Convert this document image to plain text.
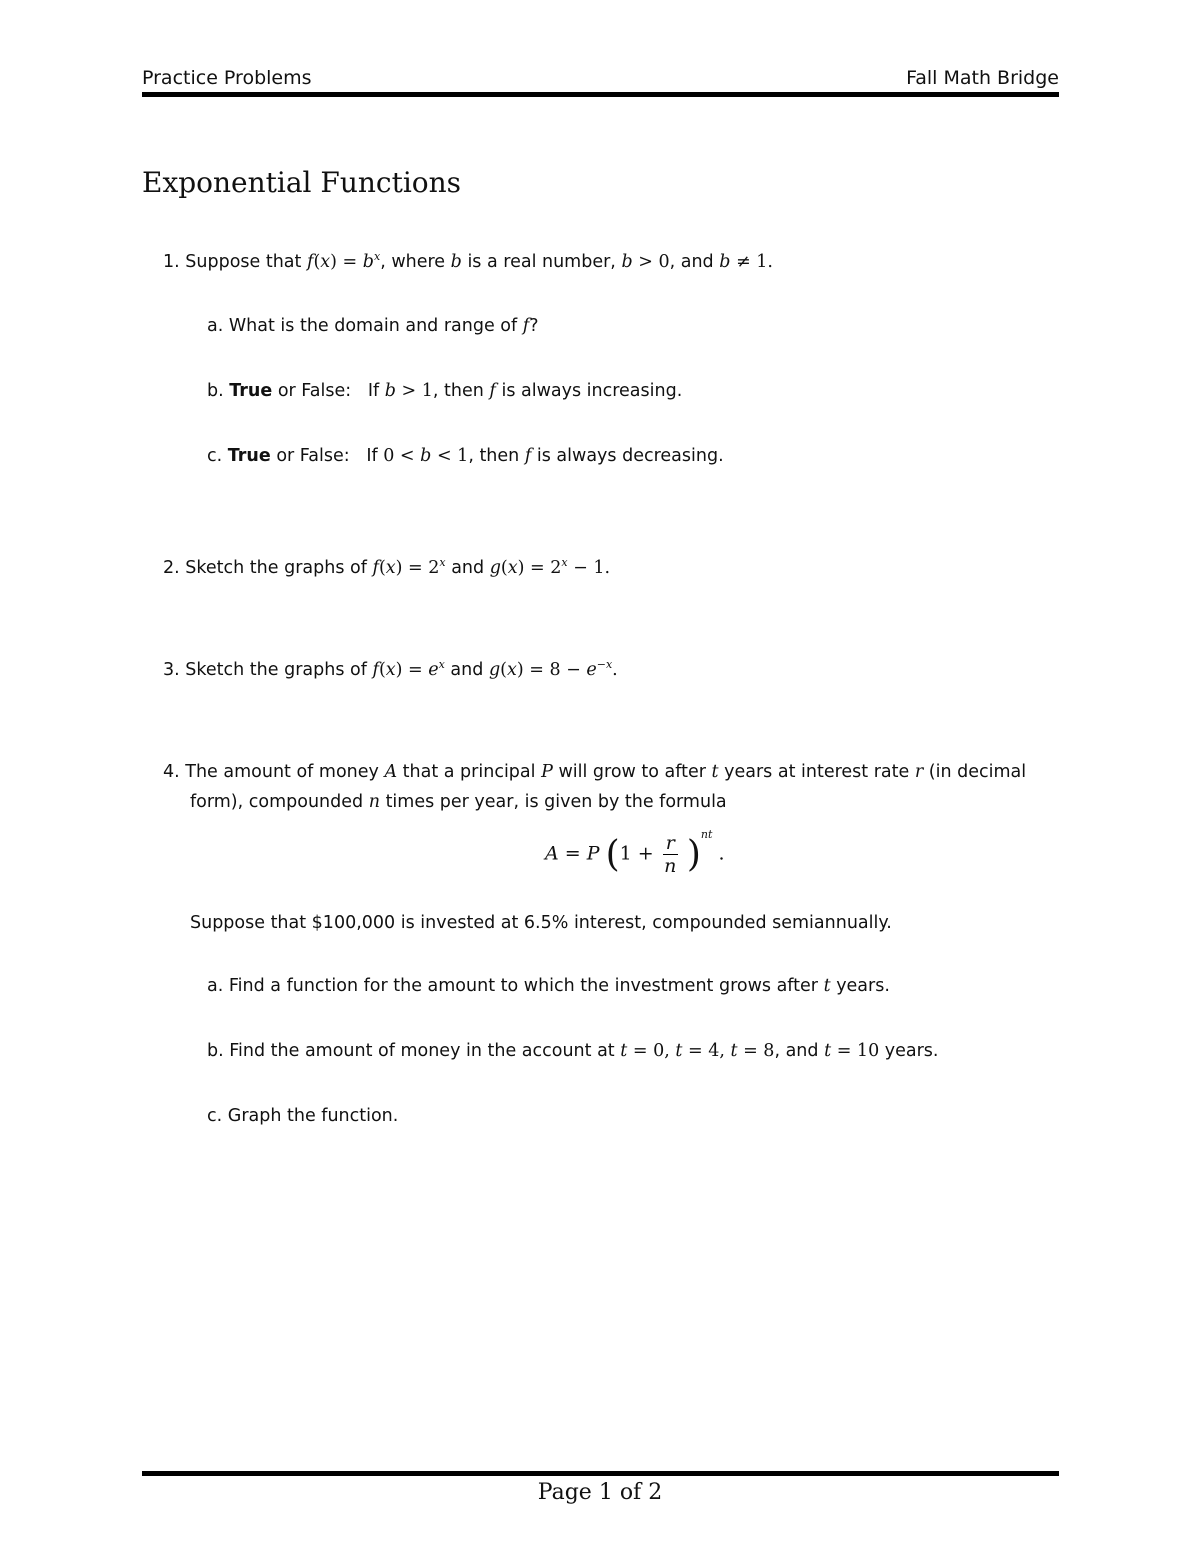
Practice Problems	Fall Math Bridge
Exponential Functions
1. Suppose that $f(x) = b^x$, where b is a real number, b > 0, and b ≠ 1.
a. What is the domain and range of f?
b. True or False: If b > 1, then f is always increasing.
c. True or False: If 0 < b < 1, then f is always decreasing.
2. Sketch the graphs of $f(x) = 2^x$ and $g(x) = 2^x - 1$.
3. Sketch the graphs of $f(x) = e^x$ and $g(x) = 8 - e^{-x}$.
4. The amount of money A that a principal P will grow to after t years at interest rate r (in decimal
form), compounded n times per year, is given by the formula
A = P $(1 + \frac{r}{n} )^{nt}$ .
Suppose that $100,000 is invested at 6.5% interest, compounded semiannually.
a. Find a function for the amount to which the investment grows after t years.
b. Find the amount of money in the account at t = 0, t = 4, t = 8, and t = 10 years.
c. Graph the function.
Page 1 of 2
